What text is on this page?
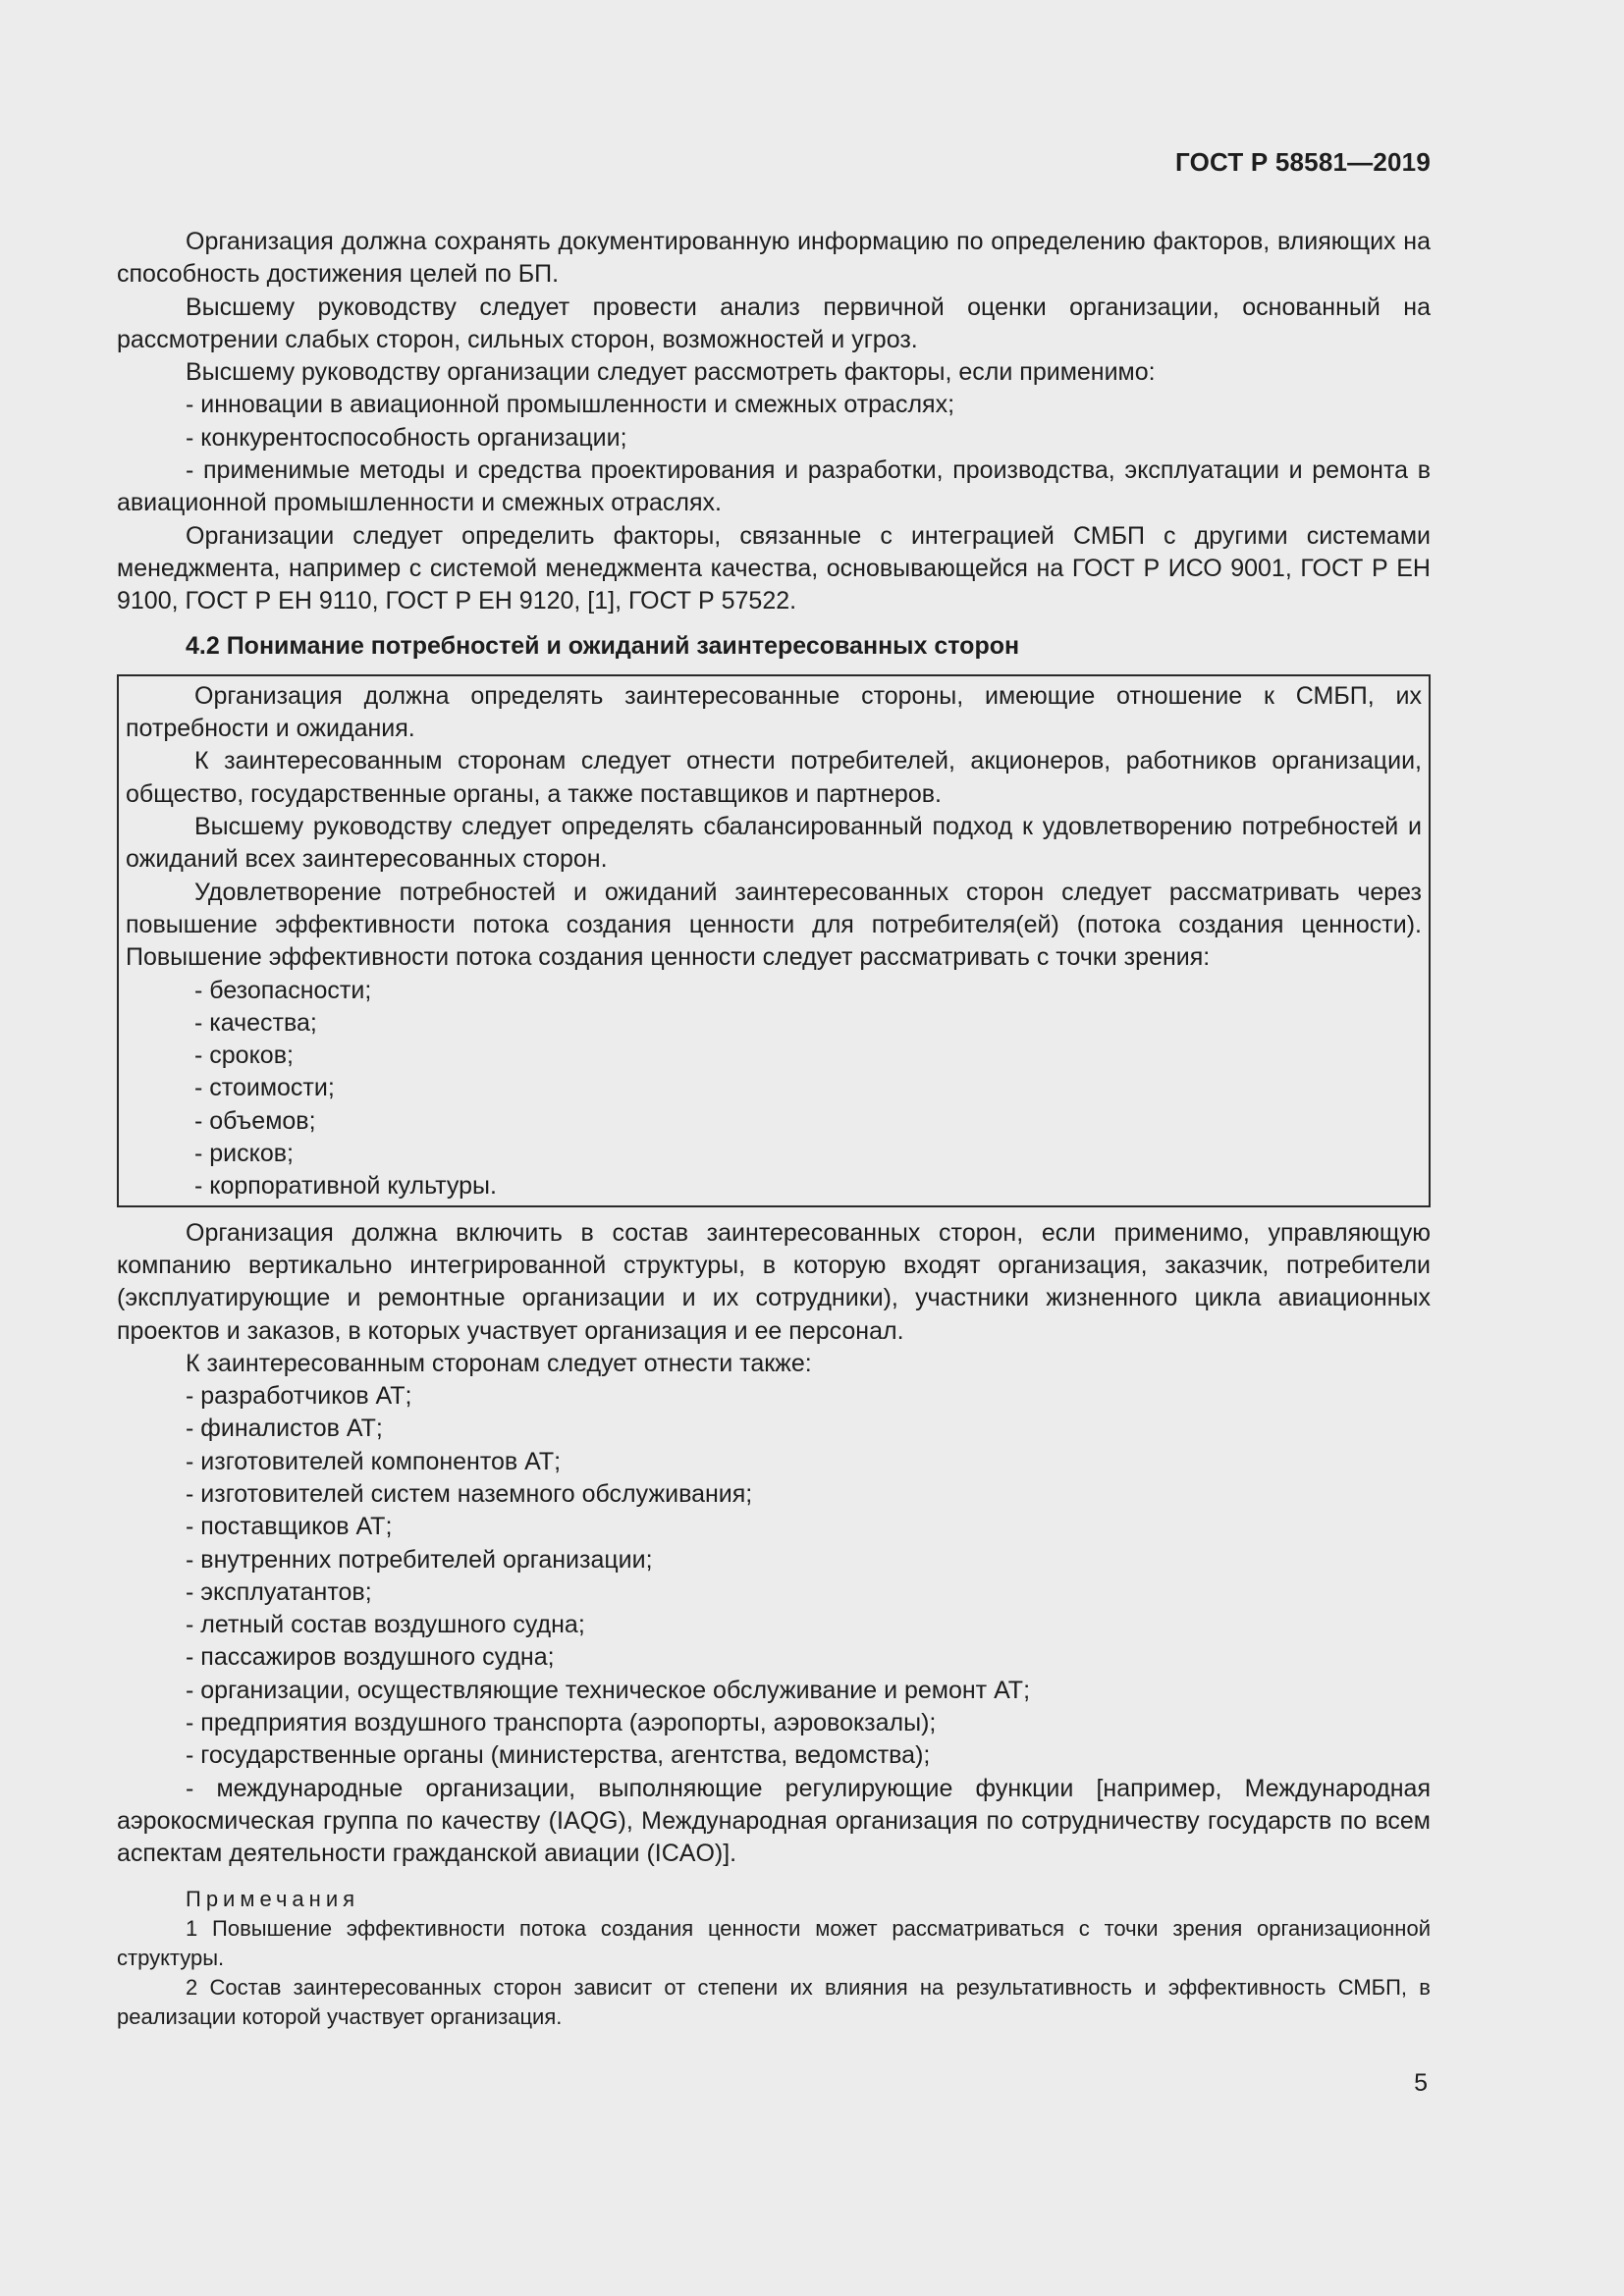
ГОСТ Р 58581—2019

Организация должна сохранять документированную информацию по определению факторов, влияющих на способность достижения целей по БП.

Высшему руководству следует провести анализ первичной оценки организации, основанный на рассмотрении слабых сторон, сильных сторон, возможностей и угроз.

Высшему руководству организации следует рассмотреть факторы, если применимо:

- инновации в авиационной промышленности и смежных отраслях;

- конкурентоспособность организации;

- применимые методы и средства проектирования и разработки, производства, эксплуатации и ремонта в авиационной промышленности и смежных отраслях.

Организации следует определить факторы, связанные с интеграцией СМБП с другими системами менеджмента, например с системой менеджмента качества, основывающейся на ГОСТ Р ИСО 9001, ГОСТ Р ЕН 9100, ГОСТ Р ЕН 9110, ГОСТ Р ЕН 9120, [1], ГОСТ Р 57522.

4.2 Понимание потребностей и ожиданий заинтересованных сторон

Организация должна определять заинтересованные стороны, имеющие отношение к СМБП, их потребности и ожидания.

К заинтересованным сторонам следует отнести потребителей, акционеров, работников организации, общество, государственные органы, а также поставщиков и партнеров.

Высшему руководству следует определять сбалансированный подход к удовлетворению потребностей и ожиданий всех заинтересованных сторон.

Удовлетворение потребностей и ожиданий заинтересованных сторон следует рассматривать через повышение эффективности потока создания ценности для потребителя(ей) (потока создания ценности). Повышение эффективности потока создания ценности следует рассматривать с точки зрения:

- безопасности;

- качества;

- сроков;

- стоимости;

- объемов;

- рисков;

- корпоративной культуры.

Организация должна включить в состав заинтересованных сторон, если применимо, управляющую компанию вертикально интегрированной структуры, в которую входят организация, заказчик, потребители (эксплуатирующие и ремонтные организации и их сотрудники), участники жизненного цикла авиационных проектов и заказов, в которых участвует организация и ее персонал.

К заинтересованным сторонам следует отнести также:

- разработчиков АТ;

- финалистов АТ;

- изготовителей компонентов АТ;

- изготовителей систем наземного обслуживания;

- поставщиков АТ;

- внутренних потребителей организации;

- эксплуатантов;

- летный состав воздушного судна;

- пассажиров воздушного судна;

- организации, осуществляющие техническое обслуживание и ремонт АТ;

- предприятия воздушного транспорта (аэропорты, аэровокзалы);

- государственные органы (министерства, агентства, ведомства);

- международные организации, выполняющие регулирующие функции [например, Международная аэрокосмическая группа по качеству (IAQG), Международная организация по сотрудничеству государств по всем аспектам деятельности гражданской авиации (ICAO)].

Примечания

1 Повышение эффективности потока создания ценности может рассматриваться с точки зрения организационной структуры.

2 Состав заинтересованных сторон зависит от степени их влияния на результативность и эффективность СМБП, в реализации которой участвует организация.

5
